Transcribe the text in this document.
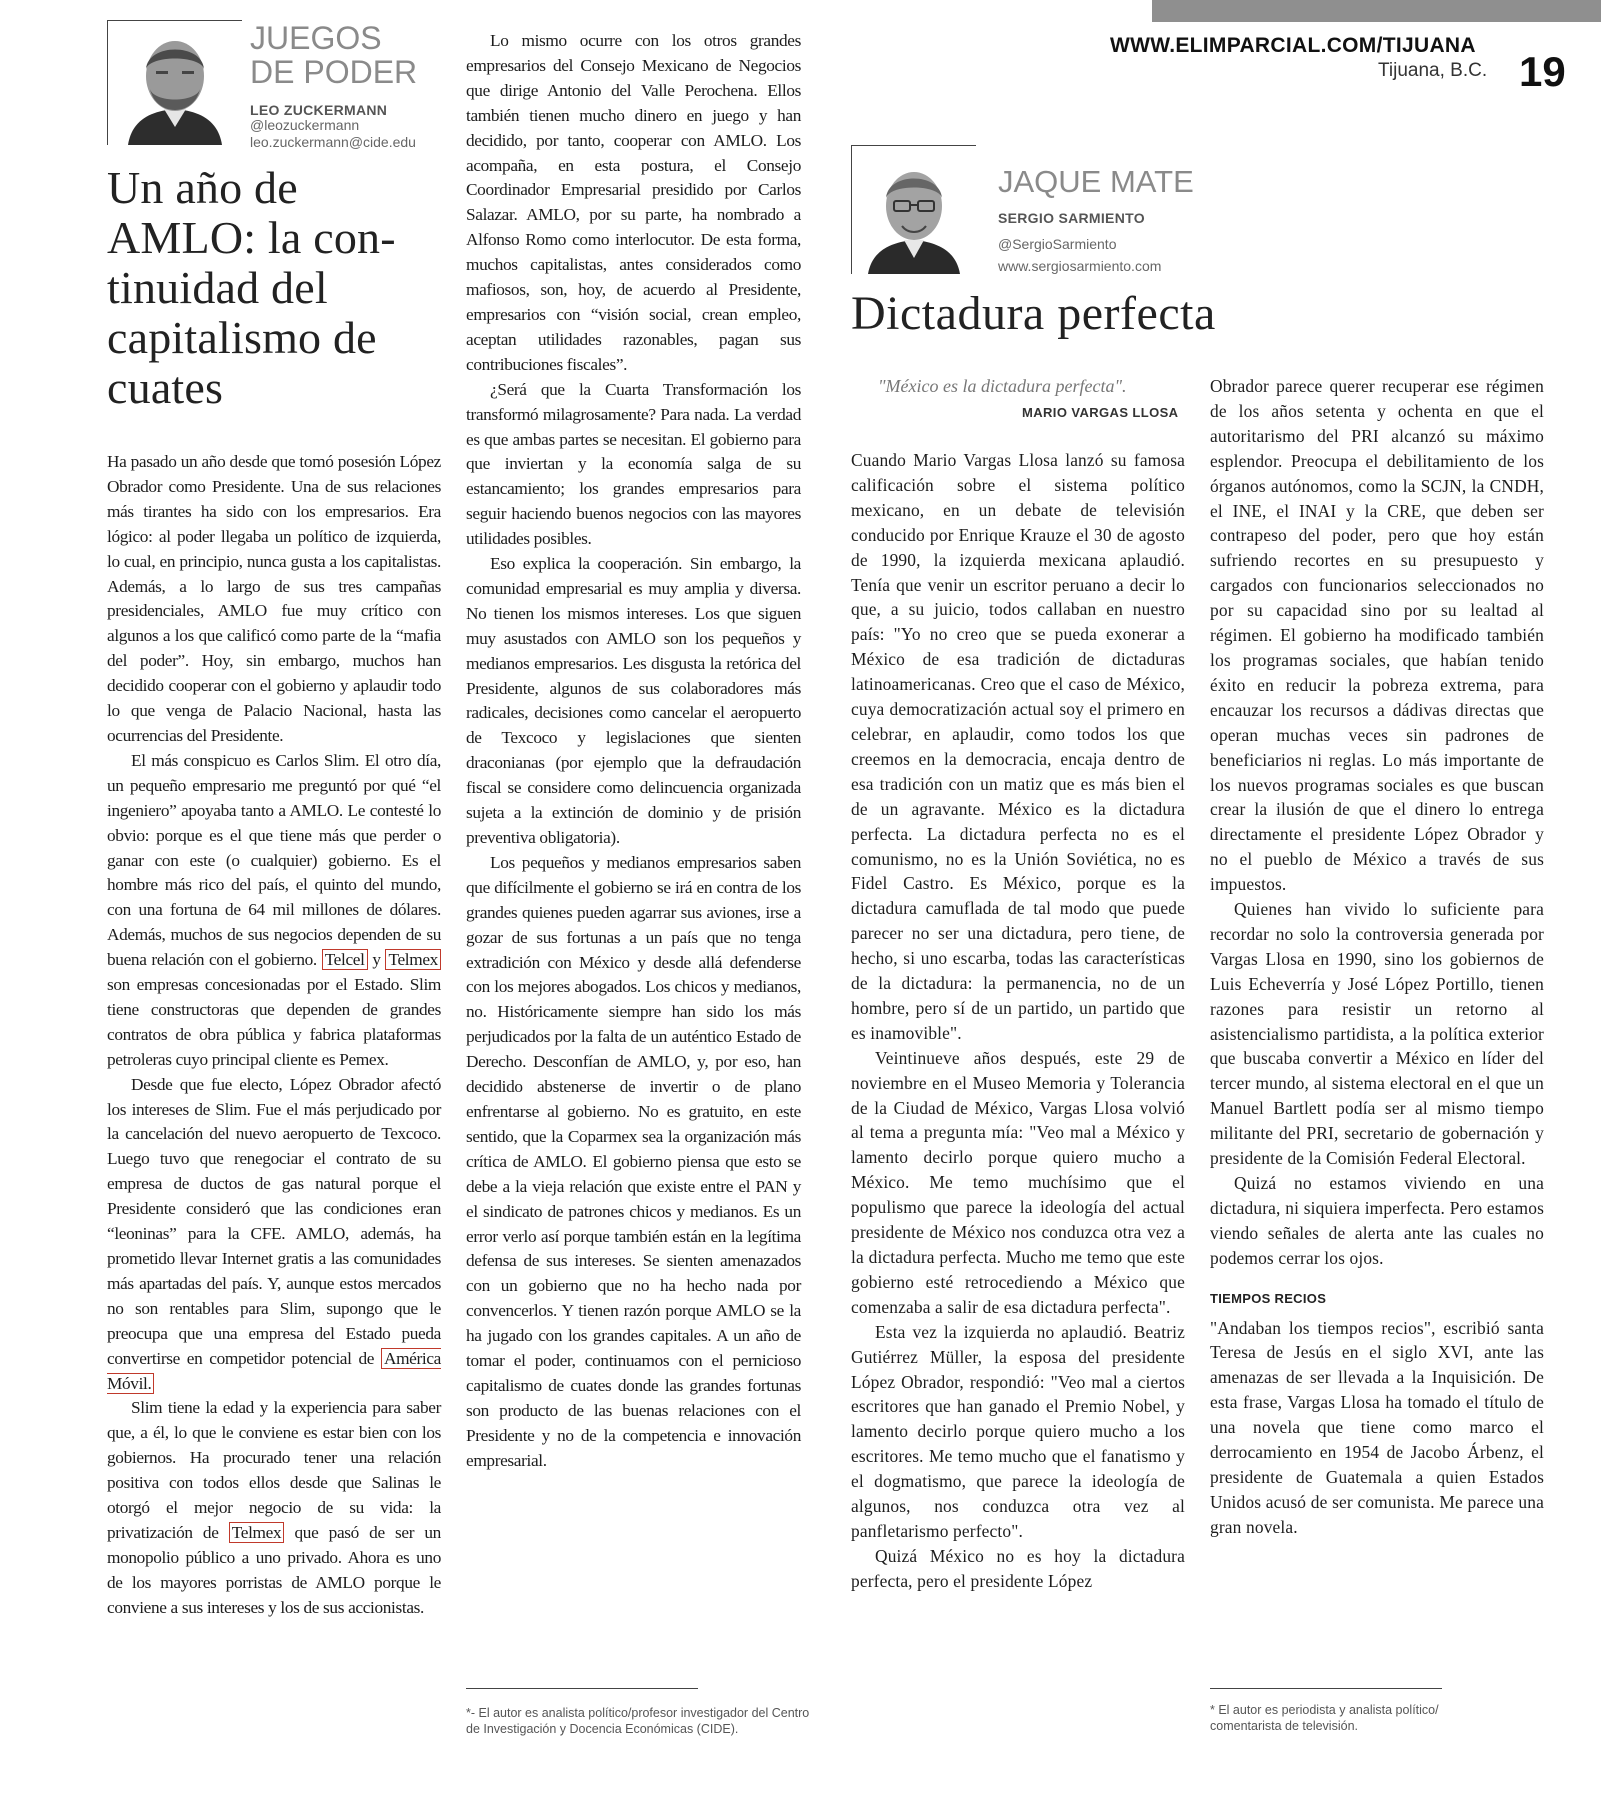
WWW.ELIMPARCIAL.COM/TIJUANA
Tijuana, B.C. 19
JUEGOS
DE PODER
LEO ZUCKERMANN
@leozuckermann
leo.zuckermann@cide.edu
Un año de AMLO: la con- tinuidad del capitalismo de cuates

Ha pasado un año desde que tomó posesión López Obrador como Presidente. Una de sus relaciones más tirantes ha sido con los empresarios. Era lógico: al poder llegaba un político de izquierda, lo cual, en principio, nunca gusta a los capitalistas. Además, a lo largo de sus tres campañas presidenciales, AMLO fue muy crítico con algunos a los que calificó como parte de la “mafia del poder”. Hoy, sin embargo, muchos han decidido cooperar con el gobierno y aplaudir todo lo que venga de Palacio Nacional, hasta las ocurrencias del Presidente.

El más conspicuo es Carlos Slim. El otro día, un pequeño empresario me preguntó por qué “el ingeniero” apoyaba tanto a AMLO. Le contesté lo obvio: porque es el que tiene más que perder o ganar con este (o cualquier) gobierno. Es el hombre más rico del país, el quinto del mundo, con una fortuna de 64 mil millones de dólares. Además, muchos de sus negocios dependen de su buena relación con el gobierno. Telcel y Telmex son empresas concesionadas por el Estado. Slim tiene constructoras que dependen de grandes contratos de obra pública y fabrica plataformas petroleras cuyo principal cliente es Pemex.

Desde que fue electo, López Obrador afectó los intereses de Slim. Fue el más perjudicado por la cancelación del nuevo aeropuerto de Texcoco. Luego tuvo que renegociar el contrato de su empresa de ductos de gas natural porque el Presidente consideró que las condiciones eran “leoninas” para la CFE. AMLO, además, ha prometido llevar Internet gratis a las comunidades más apartadas del país. Y, aunque estos mercados no son rentables para Slim, supongo que le preocupa que una empresa del Estado pueda convertirse en competidor potencial de América Móvil.

Slim tiene la edad y la experiencia para saber que, a él, lo que le conviene es estar bien con los gobiernos. Ha procurado tener una relación positiva con todos ellos desde que Salinas le otorgó el mejor negocio de su vida: la privatización de Telmex que pasó de ser un monopolio público a uno privado. Ahora es uno de los mayores porristas de AMLO porque le conviene a sus intereses y los de sus accionistas.

Lo mismo ocurre con los otros grandes empresarios del Consejo Mexicano de Negocios que dirige Antonio del Valle Perochena. Ellos también tienen mucho dinero en juego y han decidido, por tanto, cooperar con AMLO. Los acompaña, en esta postura, el Consejo Coordinador Empresarial presidido por Carlos Salazar. AMLO, por su parte, ha nombrado a Alfonso Romo como interlocutor. De esta forma, muchos capitalistas, antes considerados como mafiosos, son, hoy, de acuerdo al Presidente, empresarios con “visión social, crean empleo, aceptan utilidades razonables, pagan sus contribuciones fiscales”.

¿Será que la Cuarta Transformación los transformó milagrosamente? Para nada. La verdad es que ambas partes se necesitan. El gobierno para que inviertan y la economía salga de su estancamiento; los grandes empresarios para seguir haciendo buenos negocios con las mayores utilidades posibles.

Eso explica la cooperación. Sin embargo, la comunidad empresarial es muy amplia y diversa. No tienen los mismos intereses. Los que siguen muy asustados con AMLO son los pequeños y medianos empresarios. Les disgusta la retórica del Presidente, algunos de sus colaboradores más radicales, decisiones como cancelar el aeropuerto de Texcoco y legislaciones que sienten draconianas (por ejemplo que la defraudación fiscal se considere como delincuencia organizada sujeta a la extinción de dominio y de prisión preventiva obligatoria).

Los pequeños y medianos empresarios saben que difícilmente el gobierno se irá en contra de los grandes quienes pueden agarrar sus aviones, irse a gozar de sus fortunas a un país que no tenga extradición con México y desde allá defenderse con los mejores abogados. Los chicos y medianos, no. Históricamente siempre han sido los más perjudicados por la falta de un auténtico Estado de Derecho. Desconfían de AMLO, y, por eso, han decidido abstenerse de invertir o de plano enfrentarse al gobierno. No es gratuito, en este sentido, que la Coparmex sea la organización más crítica de AMLO. El gobierno piensa que esto se debe a la vieja relación que existe entre el PAN y el sindicato de patrones chicos y medianos. Es un error verlo así porque también están en la legítima defensa de sus intereses. Se sienten amenazados con un gobierno que no ha hecho nada por convencerlos. Y tienen razón porque AMLO se la ha jugado con los grandes capitales. A un año de tomar el poder, continuamos con el pernicioso capitalismo de cuates donde las grandes fortunas son producto de las buenas relaciones con el Presidente y no de la competencia e innovación empresarial.

*- El autor es analista político/profesor investigador del Centro de Investigación y Docencia Económicas (CIDE).
JAQUE MATE
SERGIO SARMIENTO
@SergioSarmiento
www.sergiosarmiento.com
Dictadura perfecta
"México es la dictadura perfecta".
MARIO VARGAS LLOSA

Cuando Mario Vargas Llosa lanzó su famosa calificación sobre el sistema político mexicano, en un debate de televisión conducido por Enrique Krauze el 30 de agosto de 1990, la izquierda mexicana aplaudió. Tenía que venir un escritor peruano a decir lo que, a su juicio, todos callaban en nuestro país: "Yo no creo que se pueda exonerar a México de esa tradición de dictaduras latinoamericanas. Creo que el caso de México, cuya democratización actual soy el primero en celebrar, en aplaudir, como todos los que creemos en la democracia, encaja dentro de esa tradición con un matiz que es más bien el de un agravante. México es la dictadura perfecta. La dictadura perfecta no es el comunismo, no es la Unión Soviética, no es Fidel Castro. Es México, porque es la dictadura camuflada de tal modo que puede parecer no ser una dictadura, pero tiene, de hecho, si uno escarba, todas las características de la dictadura: la permanencia, no de un hombre, pero sí de un partido, un partido que es inamovible".

Veintinueve años después, este 29 de noviembre en el Museo Memoria y Tolerancia de la Ciudad de México, Vargas Llosa volvió al tema a pregunta mía: "Veo mal a México y lamento decirlo porque quiero mucho a México. Me temo muchísimo que el populismo que parece la ideología del actual presidente de México nos conduzca otra vez a la dictadura perfecta. Mucho me temo que este gobierno esté retrocediendo a México que comenzaba a salir de esa dictadura perfecta".

Esta vez la izquierda no aplaudió. Beatriz Gutiérrez Müller, la esposa del presidente López Obrador, respondió: "Veo mal a ciertos escritores que han ganado el Premio Nobel, y lamento decirlo porque quiero mucho a los escritores. Me temo mucho que el fanatismo y el dogmatismo, que parece la ideología de algunos, nos conduzca otra vez al panfletarismo perfecto".

Quizá México no es hoy la dictadura perfecta, pero el presidente López

Obrador parece querer recuperar ese régimen de los años setenta y ochenta en que el autoritarismo del PRI alcanzó su máximo esplendor. Preocupa el debilitamiento de los órganos autónomos, como la SCJN, la CNDH, el INE, el INAI y la CRE, que deben ser contrapeso del poder, pero que hoy están sufriendo recortes en su presupuesto y cargados con funcionarios seleccionados no por su capacidad sino por su lealtad al régimen. El gobierno ha modificado también los programas sociales, que habían tenido éxito en reducir la pobreza extrema, para encauzar los recursos a dádivas directas que operan muchas veces sin padrones de beneficiarios ni reglas. Lo más importante de los nuevos programas sociales es que buscan crear la ilusión de que el dinero lo entrega directamente el presidente López Obrador y no el pueblo de México a través de sus impuestos.

Quienes han vivido lo suficiente para recordar no solo la controversia generada por Vargas Llosa en 1990, sino los gobiernos de Luis Echeverría y José López Portillo, tienen razones para resistir un retorno al asistencialismo partidista, a la política exterior que buscaba convertir a México en líder del tercer mundo, al sistema electoral en el que un Manuel Bartlett podía ser al mismo tiempo militante del PRI, secretario de gobernación y presidente de la Comisión Federal Electoral.

Quizá no estamos viviendo en una dictadura, ni siquiera imperfecta. Pero estamos viendo señales de alerta ante las cuales no podemos cerrar los ojos.

TIEMPOS RECIOS

"Andaban los tiempos recios", escribió santa Teresa de Jesús en el siglo XVI, ante las amenazas de ser llevada a la Inquisición. De esta frase, Vargas Llosa ha tomado el título de una novela que tiene como marco el derrocamiento en 1954 de Jacobo Árbenz, el presidente de Guatemala a quien Estados Unidos acusó de ser comunista. Me parece una gran novela.

* El autor es periodista y analista político/ comentarista de televisión.
